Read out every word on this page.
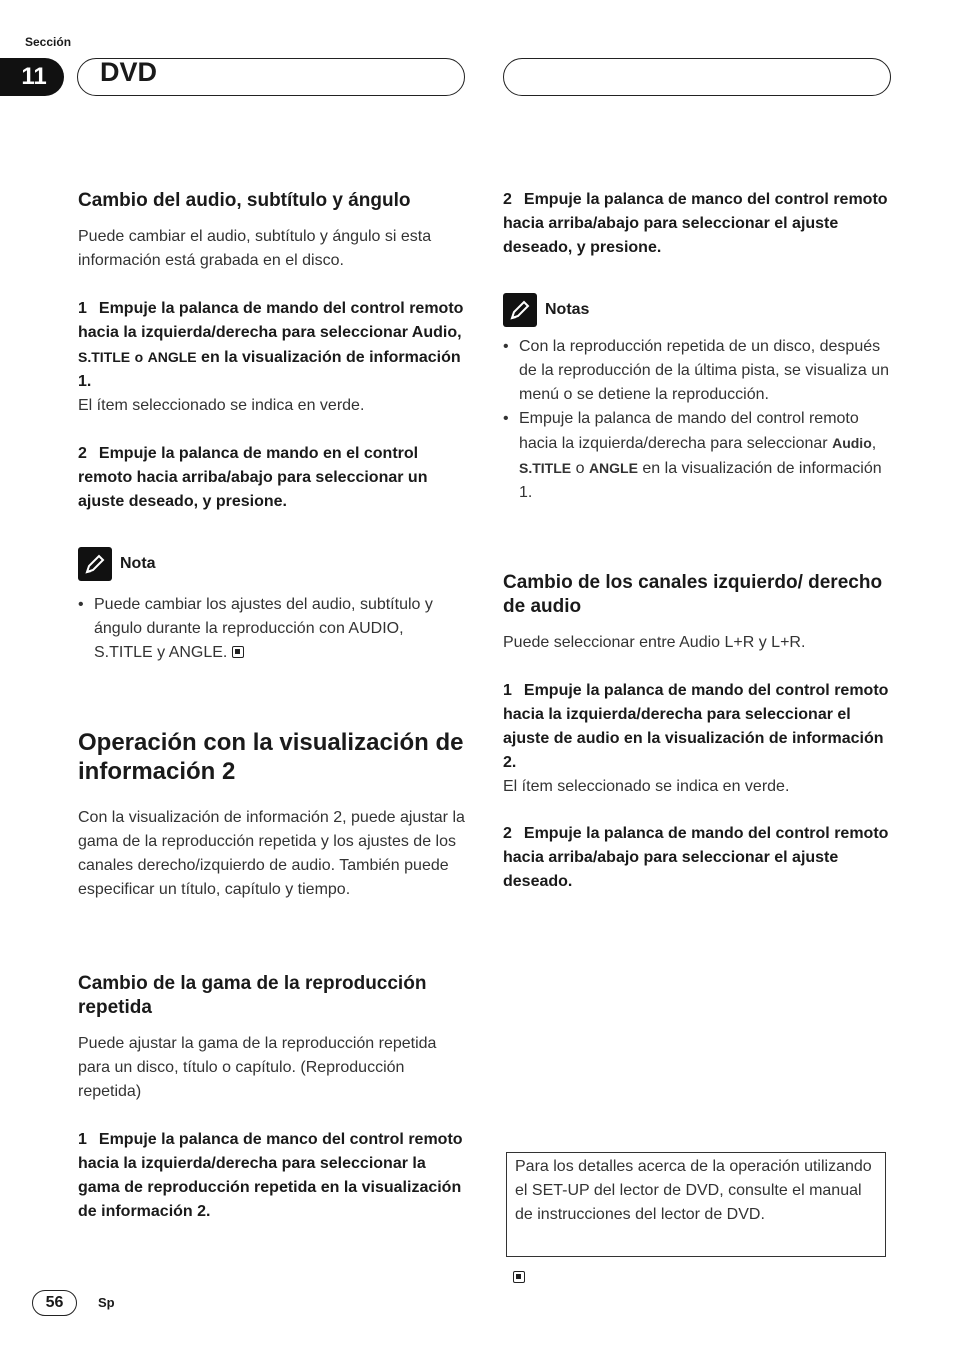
Sección
11	DVD
Cambio del audio, subtítulo y ángulo

Puede cambiar el audio, subtítulo y ángulo si esta información está grabada en el disco.

1 Empuje la palanca de mando del control remoto hacia la izquierda/derecha para seleccionar Audio, S.TITLE o ANGLE en la visualización de información 1.

El ítem seleccionado se indica en verde.

2 Empuje la palanca de mando en el control remoto hacia arriba/abajo para seleccionar un ajuste deseado, y presione.

Nota
• Puede cambiar los ajustes del audio, subtítulo y ángulo durante la reproducción con AUDIO, S.TITLE y ANGLE.
Operación con la visualización de información 2

Con la visualización de información 2, puede ajustar la gama de la reproducción repetida y los ajustes de los canales derecho/izquierdo de audio. También puede especificar un título, capítulo y tiempo.

Cambio de la gama de la reproducción repetida

Puede ajustar la gama de la reproducción repetida para un disco, título o capítulo. (Reproducción repetida)

1 Empuje la palanca de manco del control remoto hacia la izquierda/derecha para seleccionar la gama de reproducción repetida en la visualización de información 2.

2 Empuje la palanca de manco del control remoto hacia arriba/abajo para seleccionar el ajuste deseado, y presione.

Notas
• Con la reproducción repetida de un disco, después de la reproducción de la última pista, se visualiza un menú o se detiene la reproducción.
• Empuje la palanca de mando del control remoto hacia la izquierda/derecha para seleccionar Audio, S.TITLE o ANGLE en la visualización de información 1.
Cambio de los canales izquierdo/ derecho de audio

Puede seleccionar entre Audio L+R y L+R.

1 Empuje la palanca de mando del control remoto hacia la izquierda/derecha para seleccionar el ajuste de audio en la visualización de información 2.

El ítem seleccionado se indica en verde.

2 Empuje la palanca de mando del control remoto hacia arriba/abajo para seleccionar el ajuste deseado.

Para los detalles acerca de la operación utilizando el SET-UP del lector de DVD, consulte el manual de instrucciones del lector de DVD.
56	Sp
